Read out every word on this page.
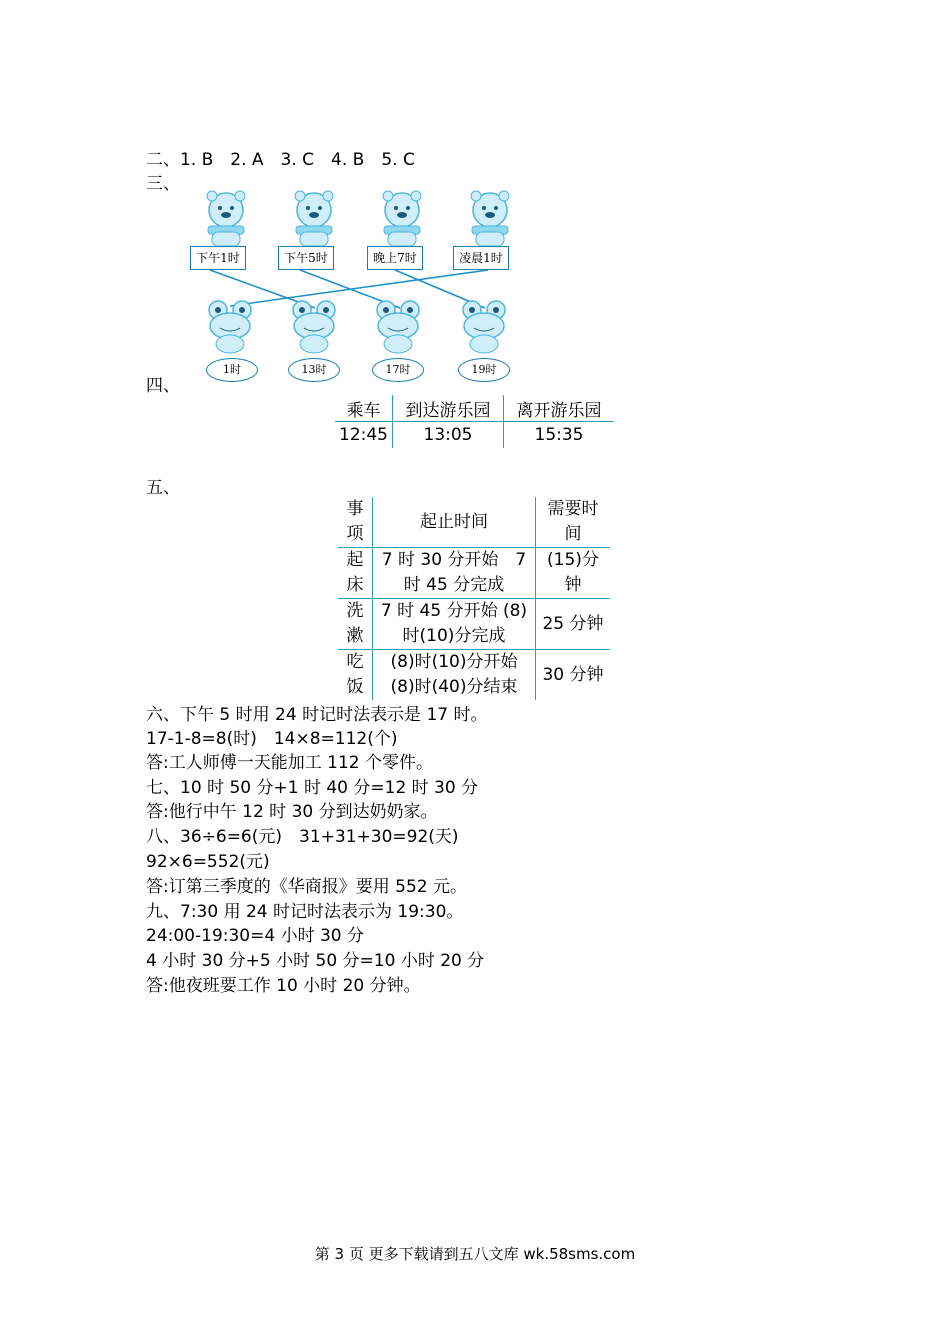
二、1. B　2. A　3. C　4. B　5. C
三、
下午1时	下午5时	晚上7时	凌晨1时
1时	13时	17时	19时
四、
乘车	到达游乐园	离开游乐园
12:45	13:05	15:35
五、
事项	起止时间	需要时间
起床	7 时 30 分开始　7 时 45 分完成	(15)分钟
洗漱	7 时 45 分开始 (8)时(10)分完成	25 分钟
吃饭	(8)时(10)分开始 (8)时(40)分结束	30 分钟
六、下午 5 时用 24 时记时法表示是 17 时。
17-1-8=8(时)　14×8=112(个)
答:工人师傅一天能加工 112 个零件。
七、10 时 50 分+1 时 40 分=12 时 30 分
答:他行中午 12 时 30 分到达奶奶家。
八、36÷6=6(元)　31+31+30=92(天)
92×6=552(元)
答:订第三季度的《华商报》要用 552 元。
九、7:30 用 24 时记时法表示为 19:30。
24:00-19:30=4 小时 30 分
4 小时 30 分+5 小时 50 分=10 小时 20 分
答:他夜班要工作 10 小时 20 分钟。
第 3 页 更多下载请到五八文库 wk.58sms.com
